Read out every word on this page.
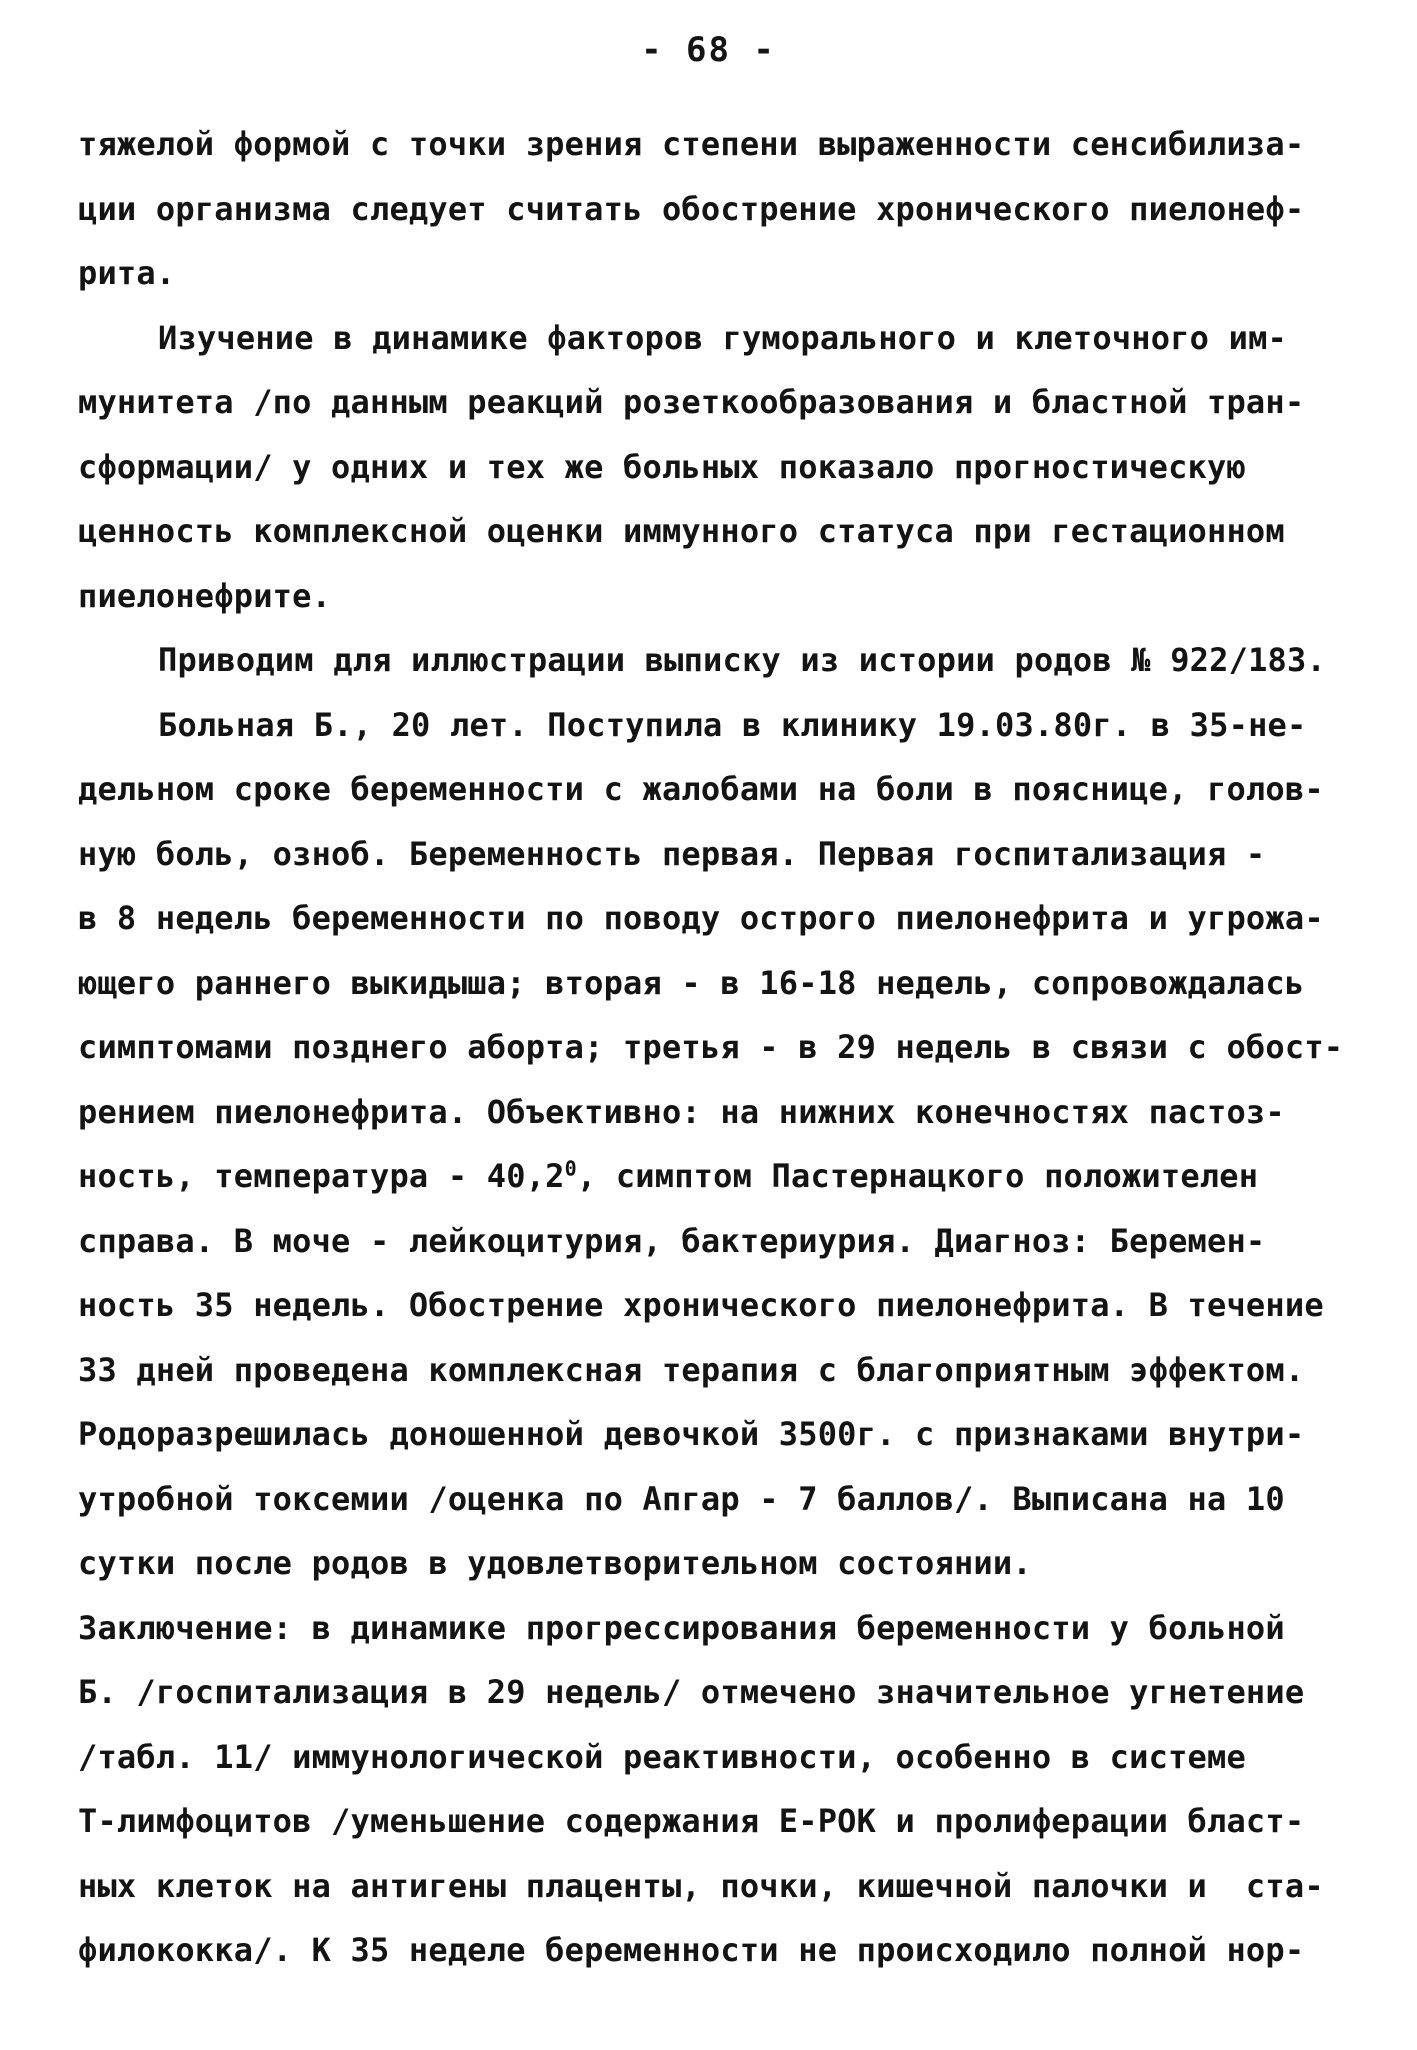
- 68 -
тяжелой формой с точки зрения степени выраженности сенсибилиза-
ции организма следует считать обострение хронического пиелонеф-
рита.
Изучение в динамике факторов гуморального и клеточного им-
мунитета /по данным реакций розеткообразования и бластной тран-
сформации/ у одних и тех же больных показало прогностическую
ценность комплексной оценки иммунного статуса при гестационном
пиелонефрите.
Приводим для иллюстрации выписку из истории родов № 922/183.
Больная Б., 20 лет. Поступила в клинику 19.03.80г. в 35-не-
дельном сроке беременности с жалобами на боли в пояснице, голов-
ную боль, озноб. Беременность первая. Первая госпитализация -
в 8 недель беременности по поводу острого пиелонефрита и угрожа-
ющего раннего выкидыша; вторая - в 16-18 недель, сопровождалась
симптомами позднего аборта; третья - в 29 недель в связи с обост-
рением пиелонефрита. Объективно: на нижних конечностях пастоз-
ность, температура - 40,2$^0$, симптом Пастернацкого положителен
справа. В моче - лейкоцитурия, бактериурия. Диагноз: Беремен-
ность 35 недель. Обострение хронического пиелонефрита. В течение
33 дней проведена комплексная терапия с благоприятным эффектом.
Родоразрешилась доношенной девочкой 3500г. с признаками внутри-
утробной токсемии /оценка по Апгар - 7 баллов/. Выписана на 10
сутки после родов в удовлетворительном состоянии.
Заключение: в динамике прогрессирования беременности у больной
Б. /госпитализация в 29 недель/ отмечено значительное угнетение
/табл. 11/ иммунологической реактивности, особенно в системе
Т-лимфоцитов /уменьшение содержания Е-РОК и пролиферации бласт-
ных клеток на антигены плаценты, почки, кишечной палочки и  ста-
филококка/. К 35 неделе беременности не происходило полной нор-
